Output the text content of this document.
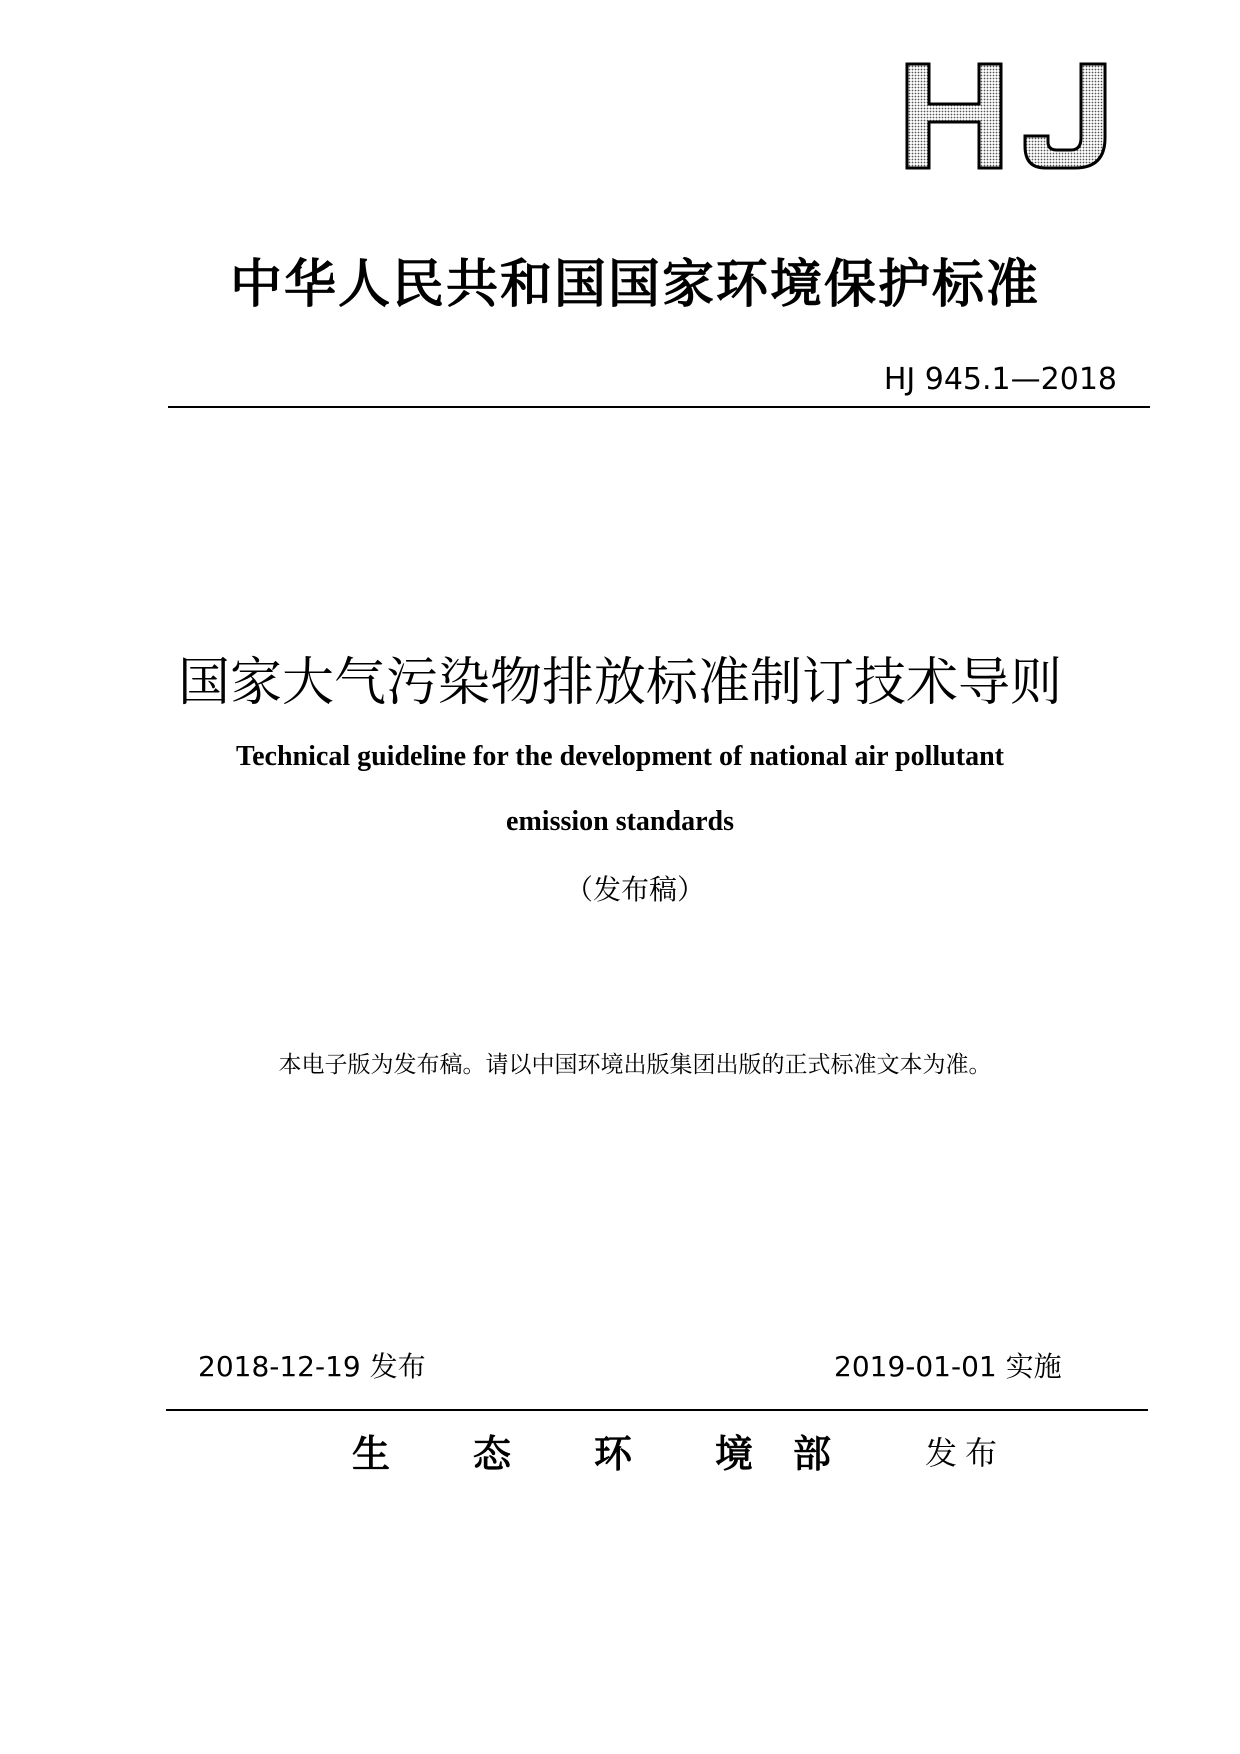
中华人民共和国国家环境保护标准
HJ 945.1—2018
国家大气污染物排放标准制订技术导则
Technical guideline for the development of national air pollutant
emission standards
（发布稿）
本电子版为发布稿。请以中国环境出版集团出版的正式标准文本为准。
2018-12-19 发布	2019-01-01 实施
生 态 环 境 部	发布
